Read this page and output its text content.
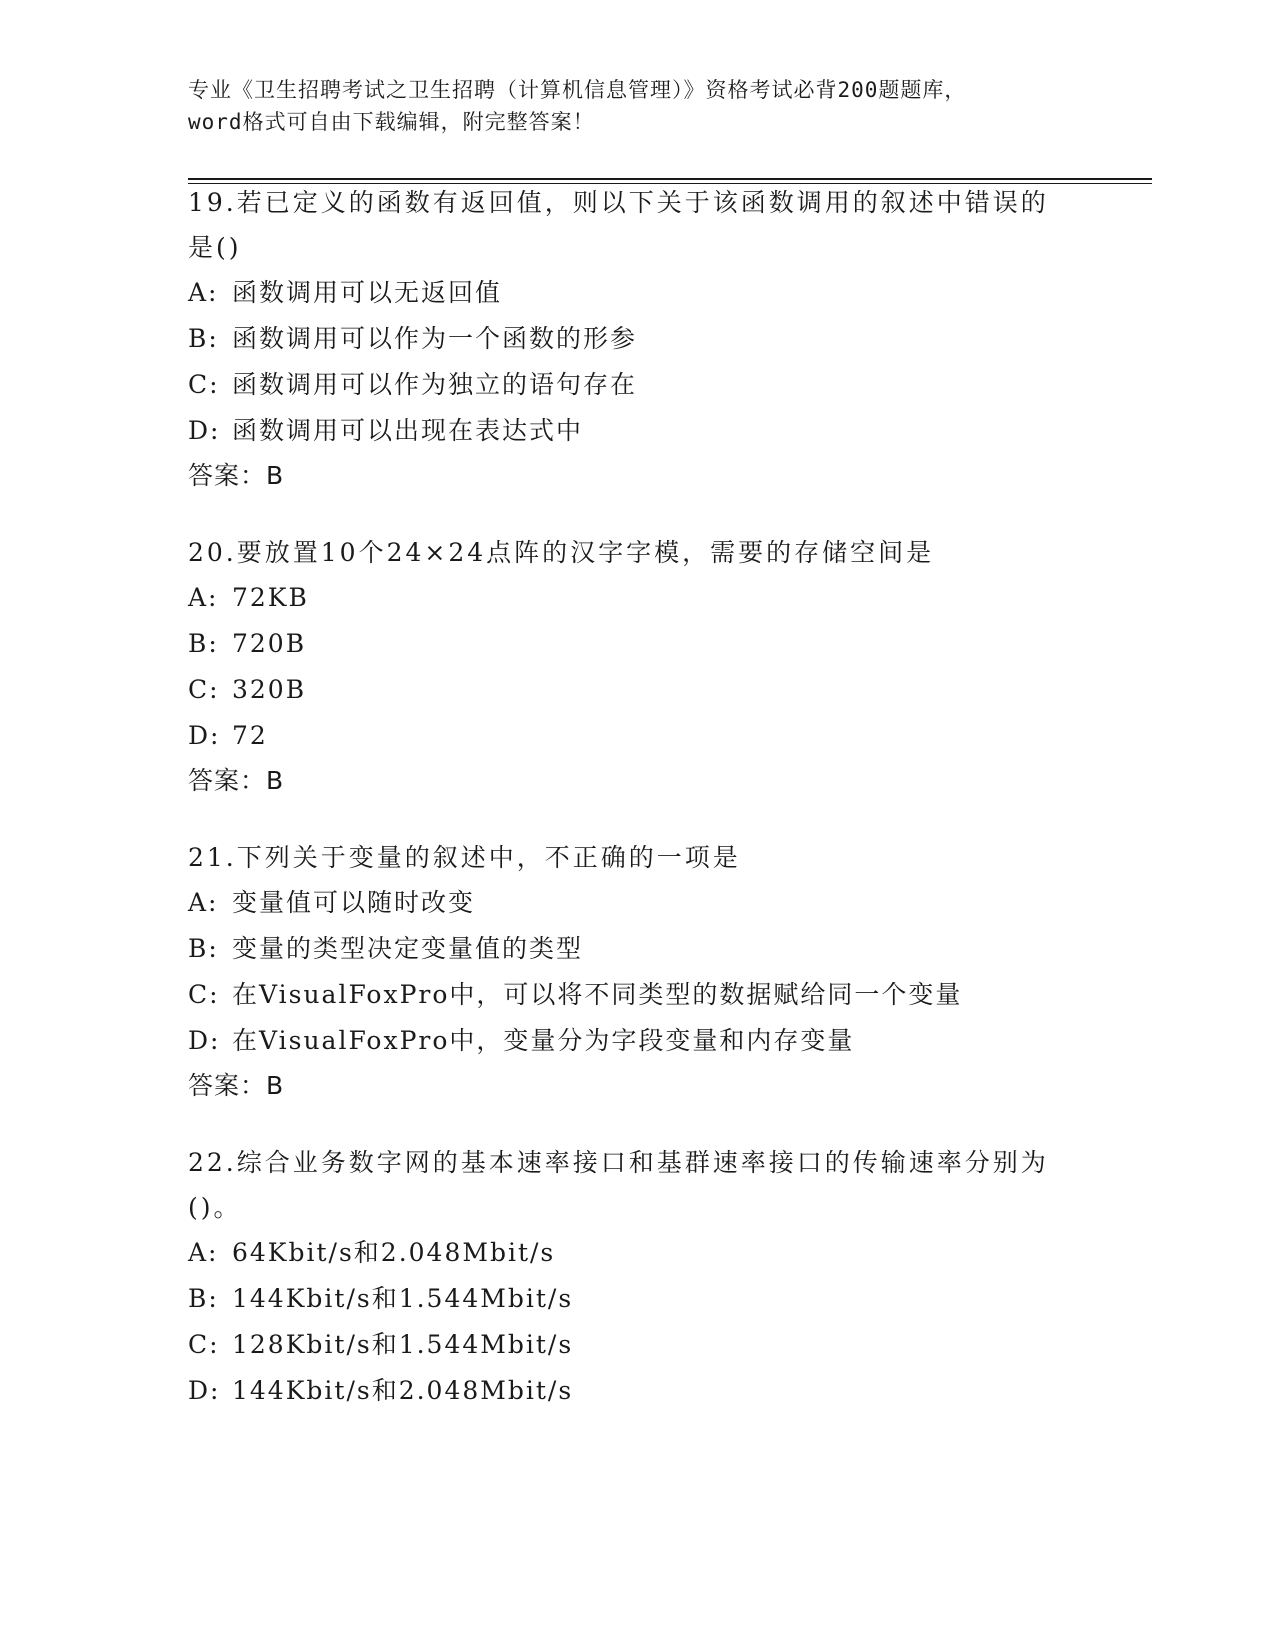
专业《卫生招聘考试之卫生招聘（计算机信息管理）》资格考试必背200题题库，
word格式可自由下载编辑，附完整答案！
19.若已定义的函数有返回值，则以下关于该函数调用的叙述中错误的
是()
A: 函数调用可以无返回值
B: 函数调用可以作为一个函数的形参
C: 函数调用可以作为独立的语句存在
D: 函数调用可以出现在表达式中
答案：B
20.要放置10个24×24点阵的汉字字模，需要的存储空间是
A: 72KB
B: 720B
C: 320B
D: 72
答案：B
21.下列关于变量的叙述中，不正确的一项是
A: 变量值可以随时改变
B: 变量的类型决定变量值的类型
C: 在VisualFoxPro中，可以将不同类型的数据赋给同一个变量
D: 在VisualFoxPro中，变量分为字段变量和内存变量
答案：B
22.综合业务数字网的基本速率接口和基群速率接口的传输速率分别为
()。
A: 64Kbit/s和2.048Mbit/s
B: 144Kbit/s和1.544Mbit/s
C: 128Kbit/s和1.544Mbit/s
D: 144Kbit/s和2.048Mbit/s
